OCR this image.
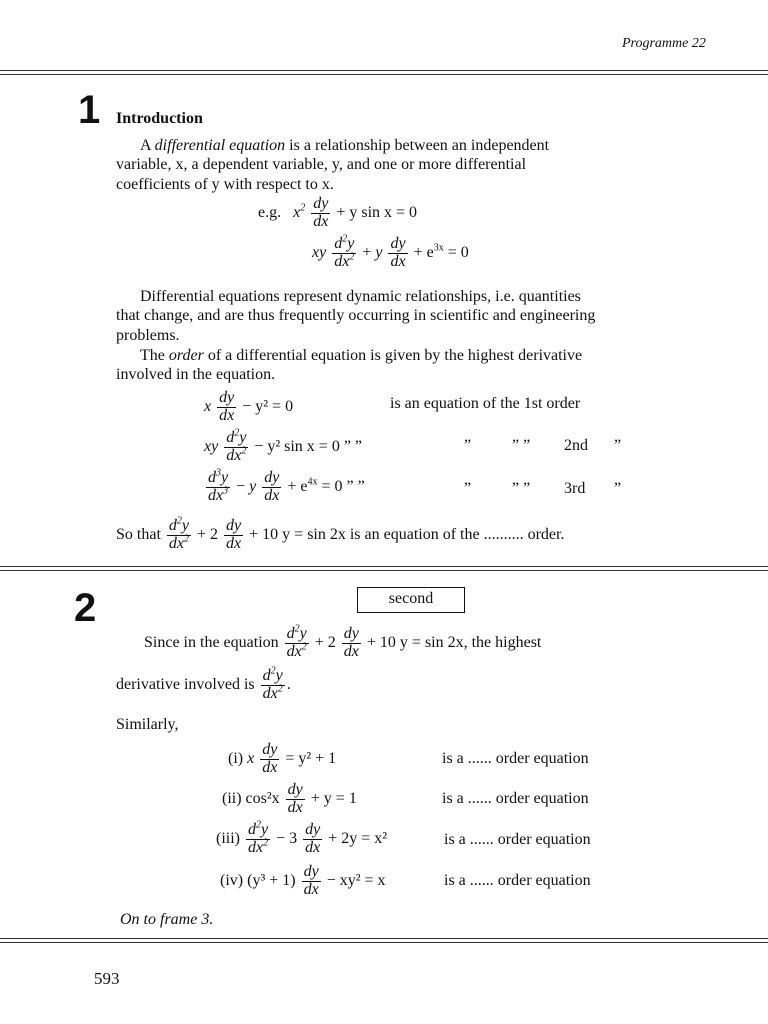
Programme 22
1 Introduction
A differential equation is a relationship between an independent
variable, x, a dependent variable, y, and one or more differential
coefficients of y with respect to x.
e.g. $x^2 \frac{dy}{dx} + y$ sin x = 0
xy $\frac{d^2y}{dx^2} + y \frac{dy}{dx} + e^{3x} = 0$
Differential equations represent dynamic relationships, i.e. quantities
that change, and are thus frequently occurring in scientific and engineering
problems.
The order of a differential equation is given by the highest derivative
involved in the equation.
x $\frac{dy}{dx} - y^2 = 0$	is an equation of the 1st order
xy $\frac{d^2y}{dx^2} - y^2$ sin x = 0 ” ”	”	” ” 2nd ”
$\frac{d^3y}{dx^3} - y \frac{dy}{dx} + e^{4x} = 0$ ” ”	”	” ” 3rd ”
So that $\frac{d^2y}{dx^2} + 2 \frac{dy}{dx} + 10$ y = sin 2x is an equation of the .......... order.
2	second
Since in the equation $\frac{d^2y}{dx^2} + 2 \frac{dy}{dx} + 10$ y = sin 2x, the highest
derivative involved is $\frac{d^2y}{dx^2}$ .
Similarly,
(i) x $\frac{dy}{dx} = y^2 + 1$	is a ...... order equation
(ii) $\cos^2x \frac{dy}{dx} + y = 1$	is a ...... order equation
$(iii) \frac{d^2y}{dx^2} - 3 \frac{dy}{dx} + 2y = x^2$	is a ...... order equation
(iv) $(y^3 + 1) \frac{dy}{dx} - xy^2 = x$	is a ...... order equation
On to frame 3.
593
